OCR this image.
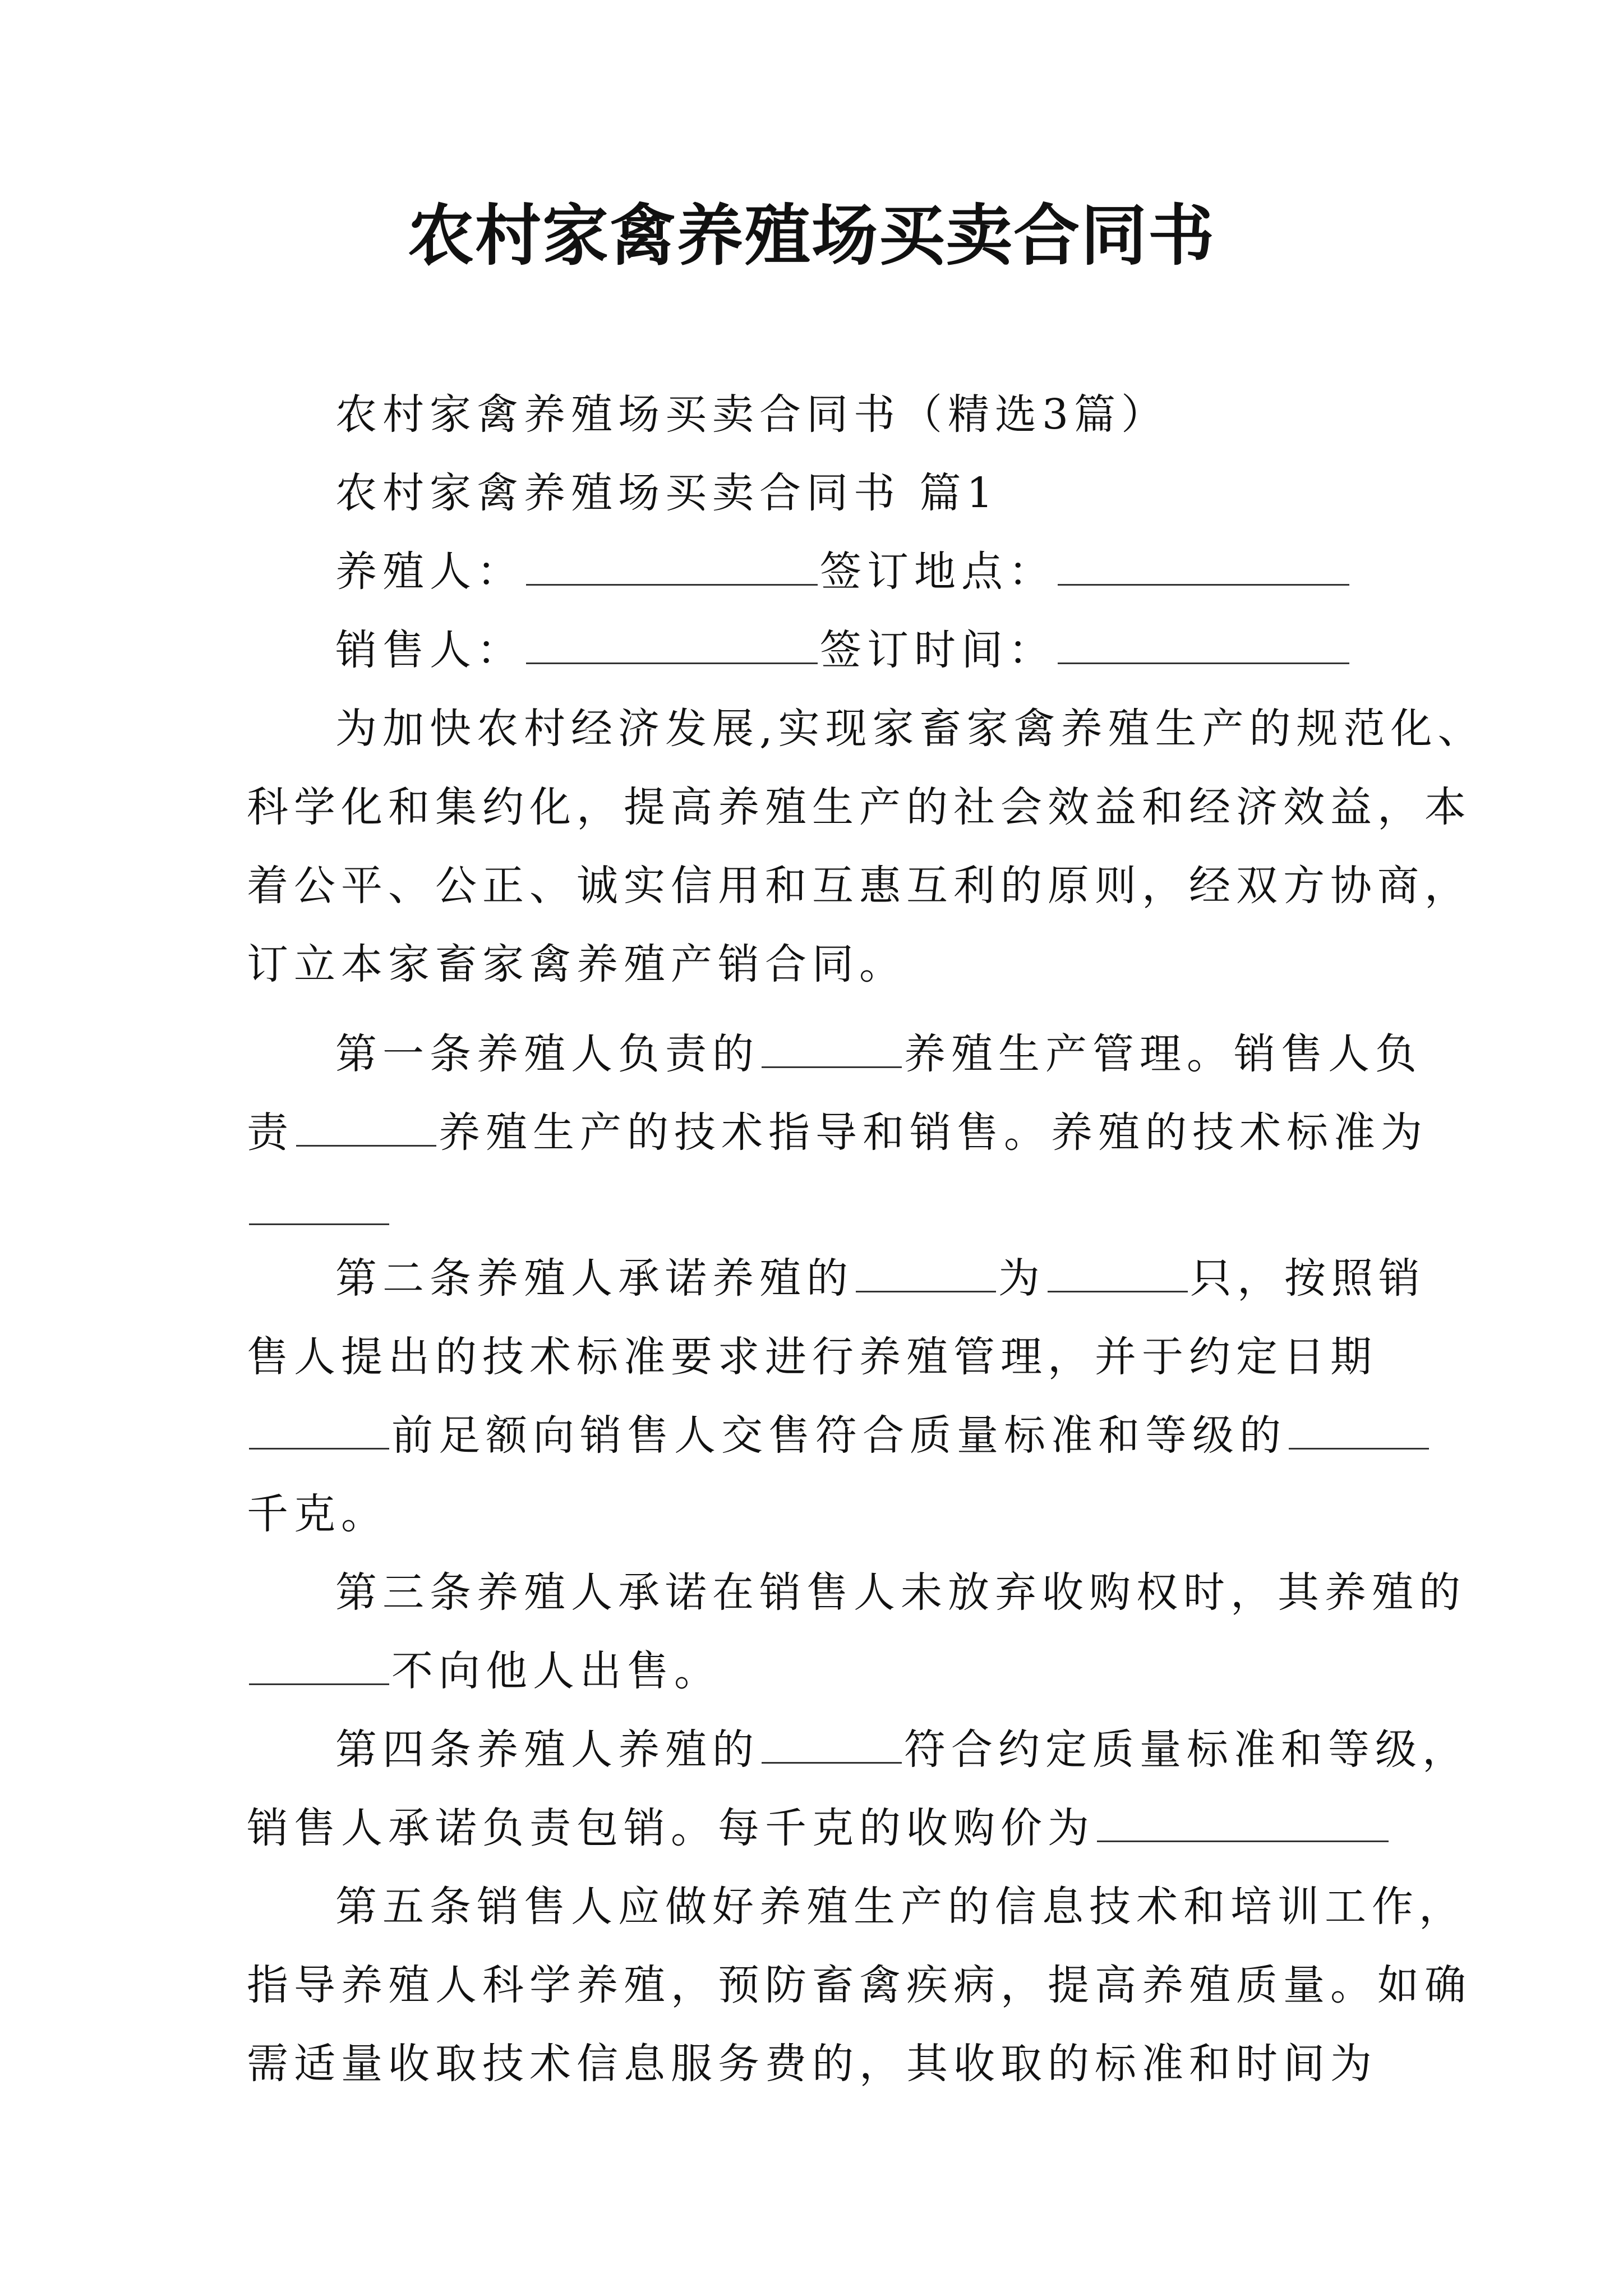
农村家禽养殖场买卖合同书
农村家禽养殖场买卖合同书（精选3篇）
农村家禽养殖场买卖合同书 篇1
养殖人：	签订地点：
销售人：	签订时间：
为加快农村经济发展,实现家畜家禽养殖生产的规范化、
科学化和集约化，提高养殖生产的社会效益和经济效益，本
着公平、公正、诚实信用和互惠互利的原则，经双方协商，
订立本家畜家禽养殖产销合同。
第一条养殖人负责的	养殖生产管理。销售人负
责	养殖生产的技术指导和销售。养殖的技术标准为
第二条养殖人承诺养殖的	为	只，按照销
售人提出的技术标准要求进行养殖管理，并于约定日期
前足额向销售人交售符合质量标准和等级的
千克。
第三条养殖人承诺在销售人未放弃收购权时，其养殖的
不向他人出售。
第四条养殖人养殖的	符合约定质量标准和等级，
销售人承诺负责包销。每千克的收购价为
第五条销售人应做好养殖生产的信息技术和培训工作，
指导养殖人科学养殖，预防畜禽疾病，提高养殖质量。如确
需适量收取技术信息服务费的，其收取的标准和时间为
